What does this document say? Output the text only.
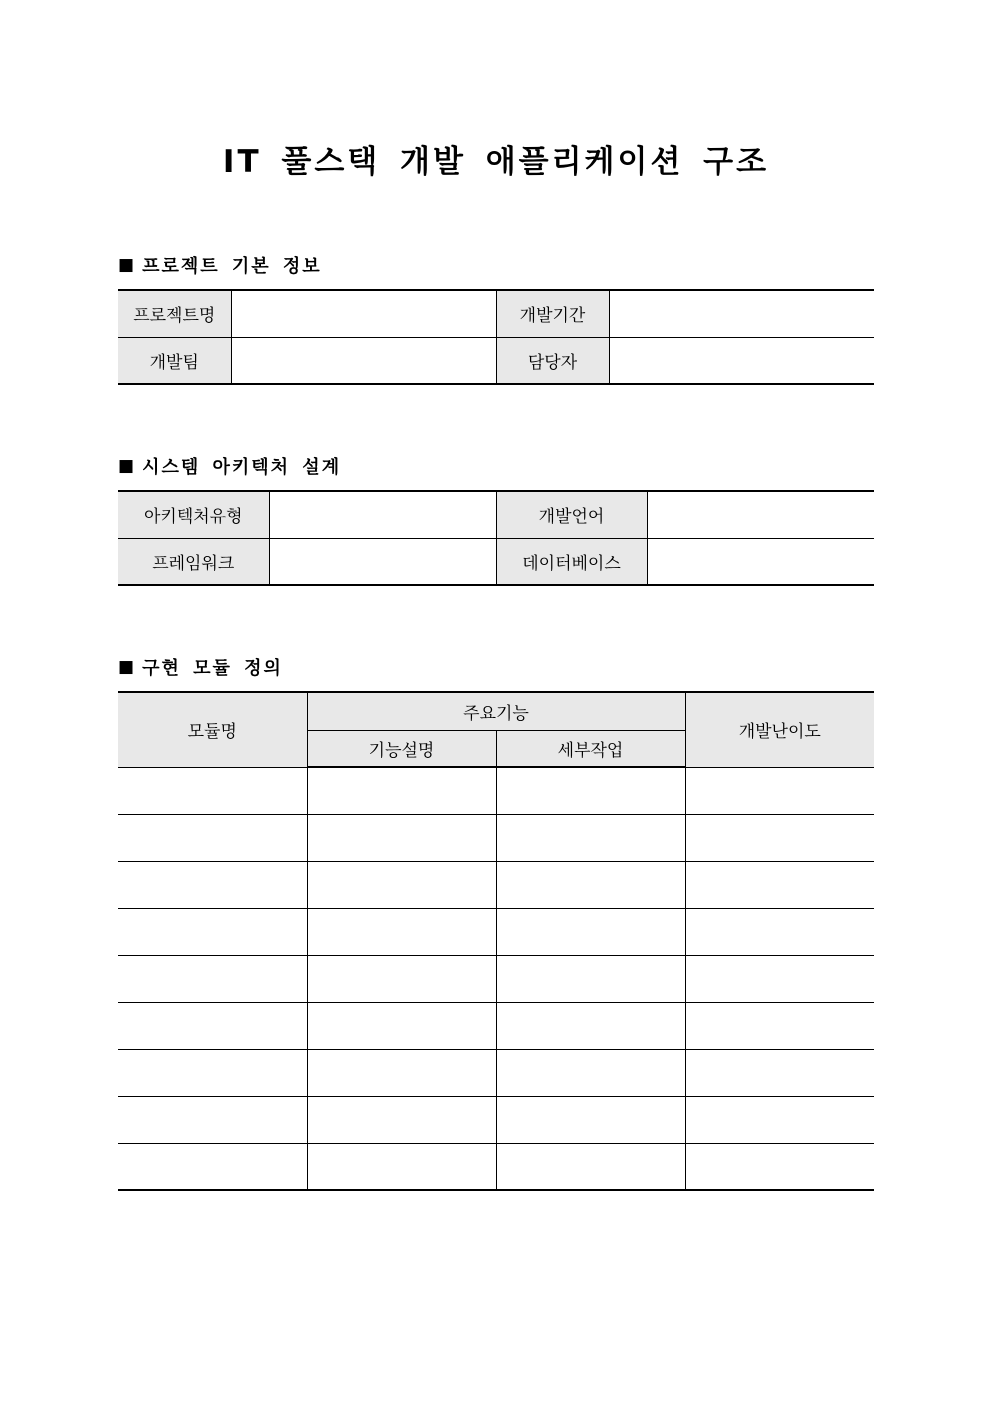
IT 풀스택 개발 애플리케이션 구조
■ 프로젝트 기본 정보
프로젝트명		개발기간	
개발팀		담당자	
■ 시스템 아키텍처 설계
아키텍처유형		개발언어	
프레임워크		데이터베이스	
■ 구현 모듈 정의
모듈명	주요기능		개발난이도
	기능설명	세부작업	
